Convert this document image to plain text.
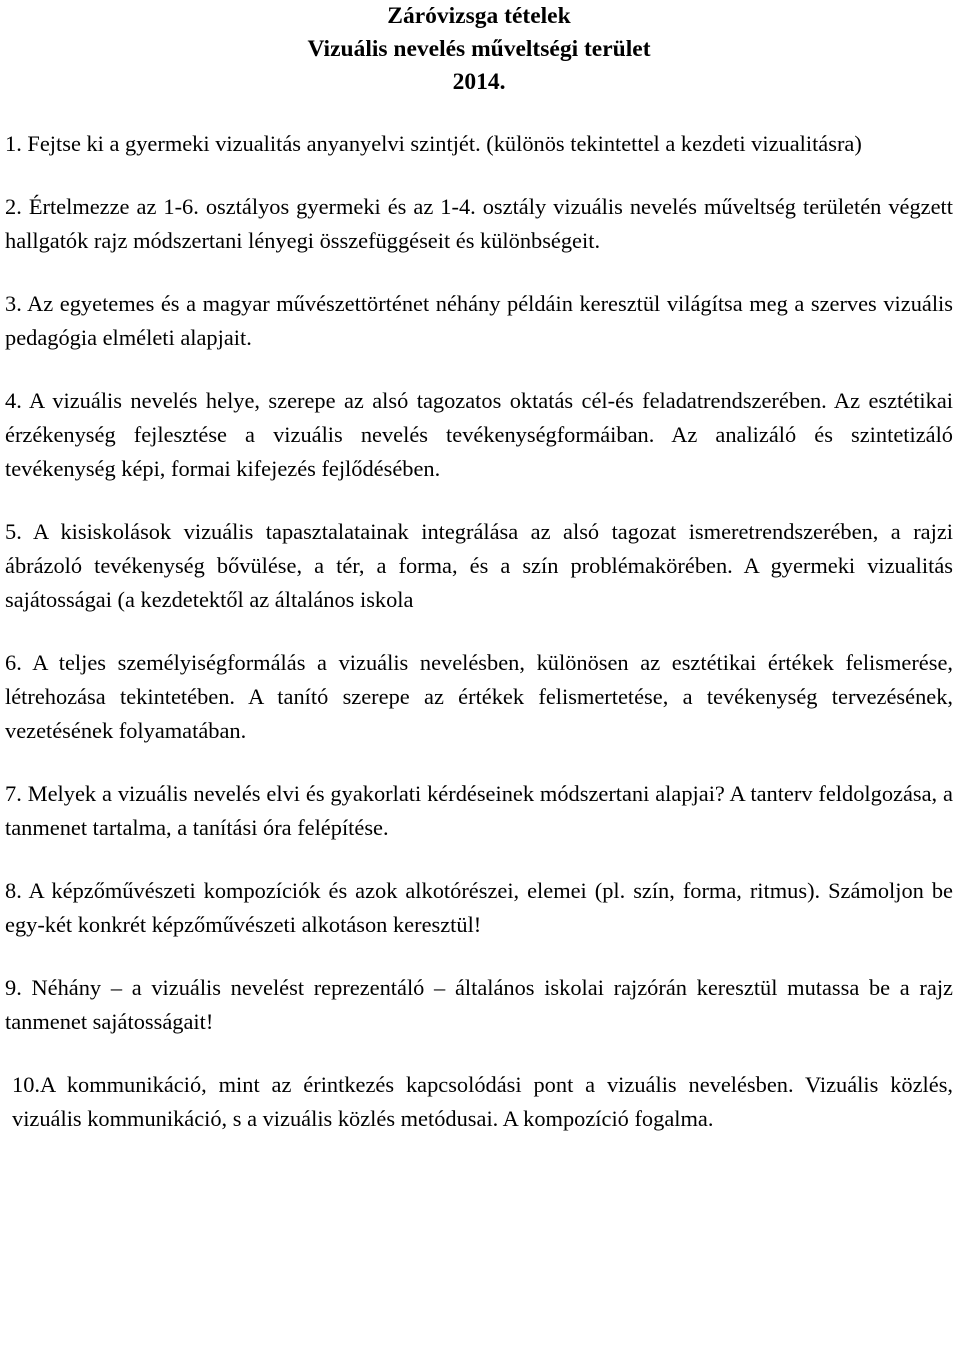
Záróvizsga tételek
Vizuális nevelés műveltségi terület
2014.

1. Fejtse ki a gyermeki vizualitás anyanyelvi szintjét. (különös tekintettel a kezdeti vizualitásra)

2. Értelmezze az 1-6. osztályos gyermeki és az 1-4. osztály vizuális nevelés műveltség területén végzett hallgatók rajz módszertani lényegi összefüggéseit és különbségeit.

3. Az egyetemes és a magyar művészettörténet néhány példáin keresztül világítsa meg a szerves vizuális pedagógia elméleti alapjait.

4. A vizuális nevelés helye, szerepe az alsó tagozatos oktatás cél-és feladatrendszerében. Az esztétikai érzékenység fejlesztése a vizuális nevelés tevékenységformáiban. Az analizáló és szintetizáló tevékenység képi, formai kifejezés fejlődésében.

5. A kisiskolások vizuális tapasztalatainak integrálása az alsó tagozat ismeretrendszerében, a rajzi ábrázoló tevékenység bővülése, a tér, a forma, és a szín problémakörében. A gyermeki vizualitás sajátosságai (a kezdetektől az általános iskola

6. A teljes személyiségformálás a vizuális nevelésben, különösen az esztétikai értékek felismerése, létrehozása tekintetében. A tanító szerepe az értékek felismertetése, a tevékenység tervezésének, vezetésének folyamatában.

7. Melyek a vizuális nevelés elvi és gyakorlati kérdéseinek módszertani alapjai? A tanterv feldolgozása, a tanmenet tartalma, a tanítási óra felépítése.

8. A képzőművészeti kompozíciók és azok alkotórészei, elemei (pl. szín, forma, ritmus). Számoljon be egy-két konkrét képzőművészeti alkotáson keresztül!

9. Néhány – a vizuális nevelést reprezentáló – általános iskolai rajzórán keresztül mutassa be a rajz tanmenet sajátosságait!

10.A kommunikáció, mint az érintkezés kapcsolódási pont a vizuális nevelésben. Vizuális közlés, vizuális kommunikáció, s a vizuális közlés metódusai. A kompozíció fogalma.
